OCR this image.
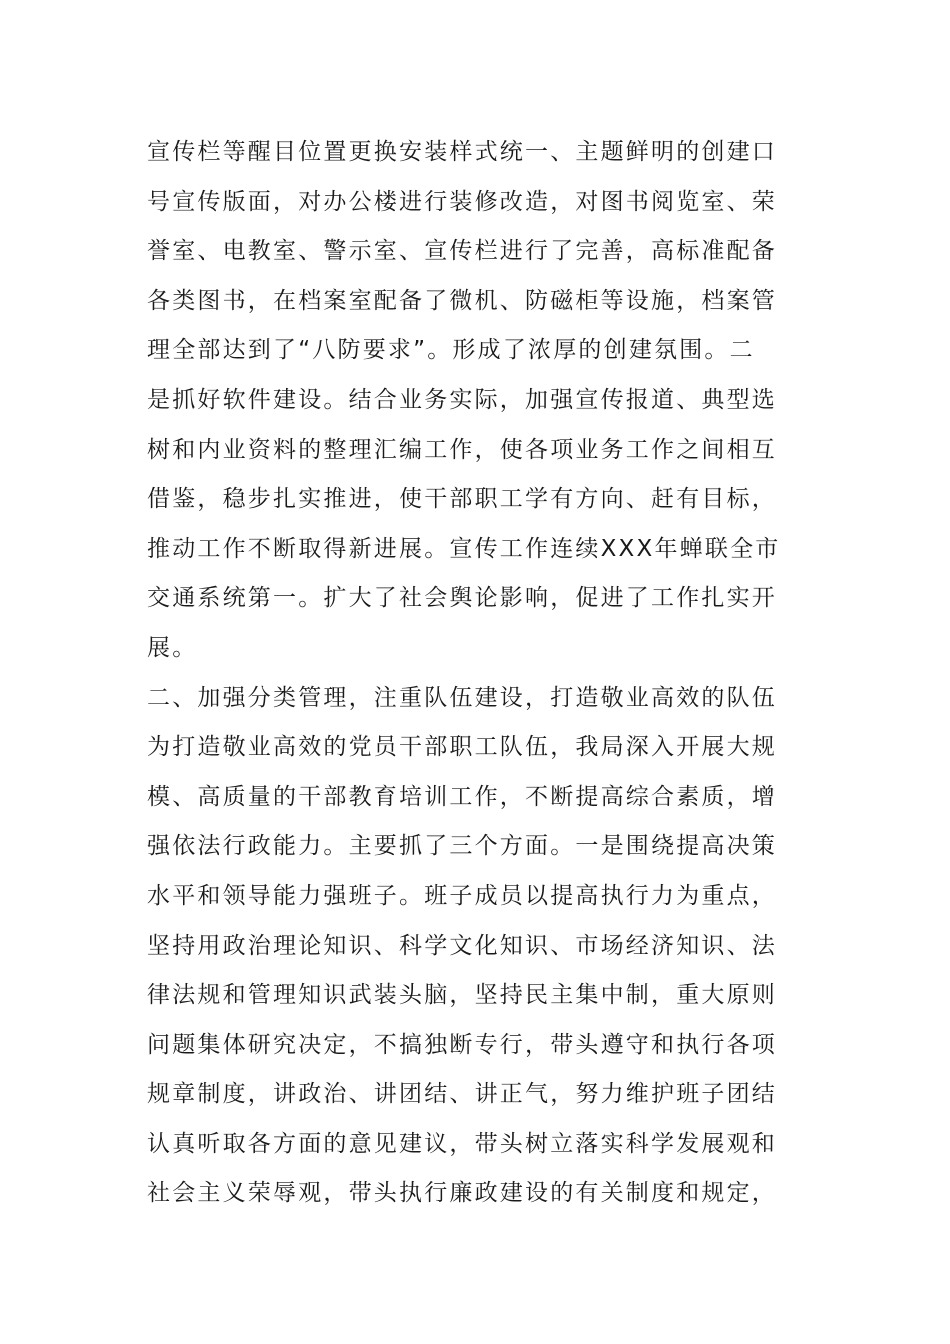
宣传栏等醒目位置更换安装样式统一、主题鲜明的创建口
号宣传版面，对办公楼进行装修改造，对图书阅览室、荣
誉室、电教室、警示室、宣传栏进行了完善，高标准配备
各类图书，在档案室配备了微机、防磁柜等设施，档案管
理全部达到了“八防要求”。形成了浓厚的创建氛围。二
是抓好软件建设。结合业务实际，加强宣传报道、典型选
树和内业资料的整理汇编工作，使各项业务工作之间相互
借鉴，稳步扎实推进，使干部职工学有方向、赶有目标，
推动工作不断取得新进展。宣传工作连续XXX年蝉联全市
交通系统第一。扩大了社会舆论影响，促进了工作扎实开
展。
二、加强分类管理，注重队伍建设，打造敬业高效的队伍
为打造敬业高效的党员干部职工队伍，我局深入开展大规
模、高质量的干部教育培训工作，不断提高综合素质，增
强依法行政能力。主要抓了三个方面。一是围绕提高决策
水平和领导能力强班子。班子成员以提高执行力为重点，
坚持用政治理论知识、科学文化知识、市场经济知识、法
律法规和管理知识武装头脑，坚持民主集中制，重大原则
问题集体研究决定，不搞独断专行，带头遵守和执行各项
规章制度，讲政治、讲团结、讲正气，努力维护班子团结
认真听取各方面的意见建议，带头树立落实科学发展观和
社会主义荣辱观，带头执行廉政建设的有关制度和规定，
